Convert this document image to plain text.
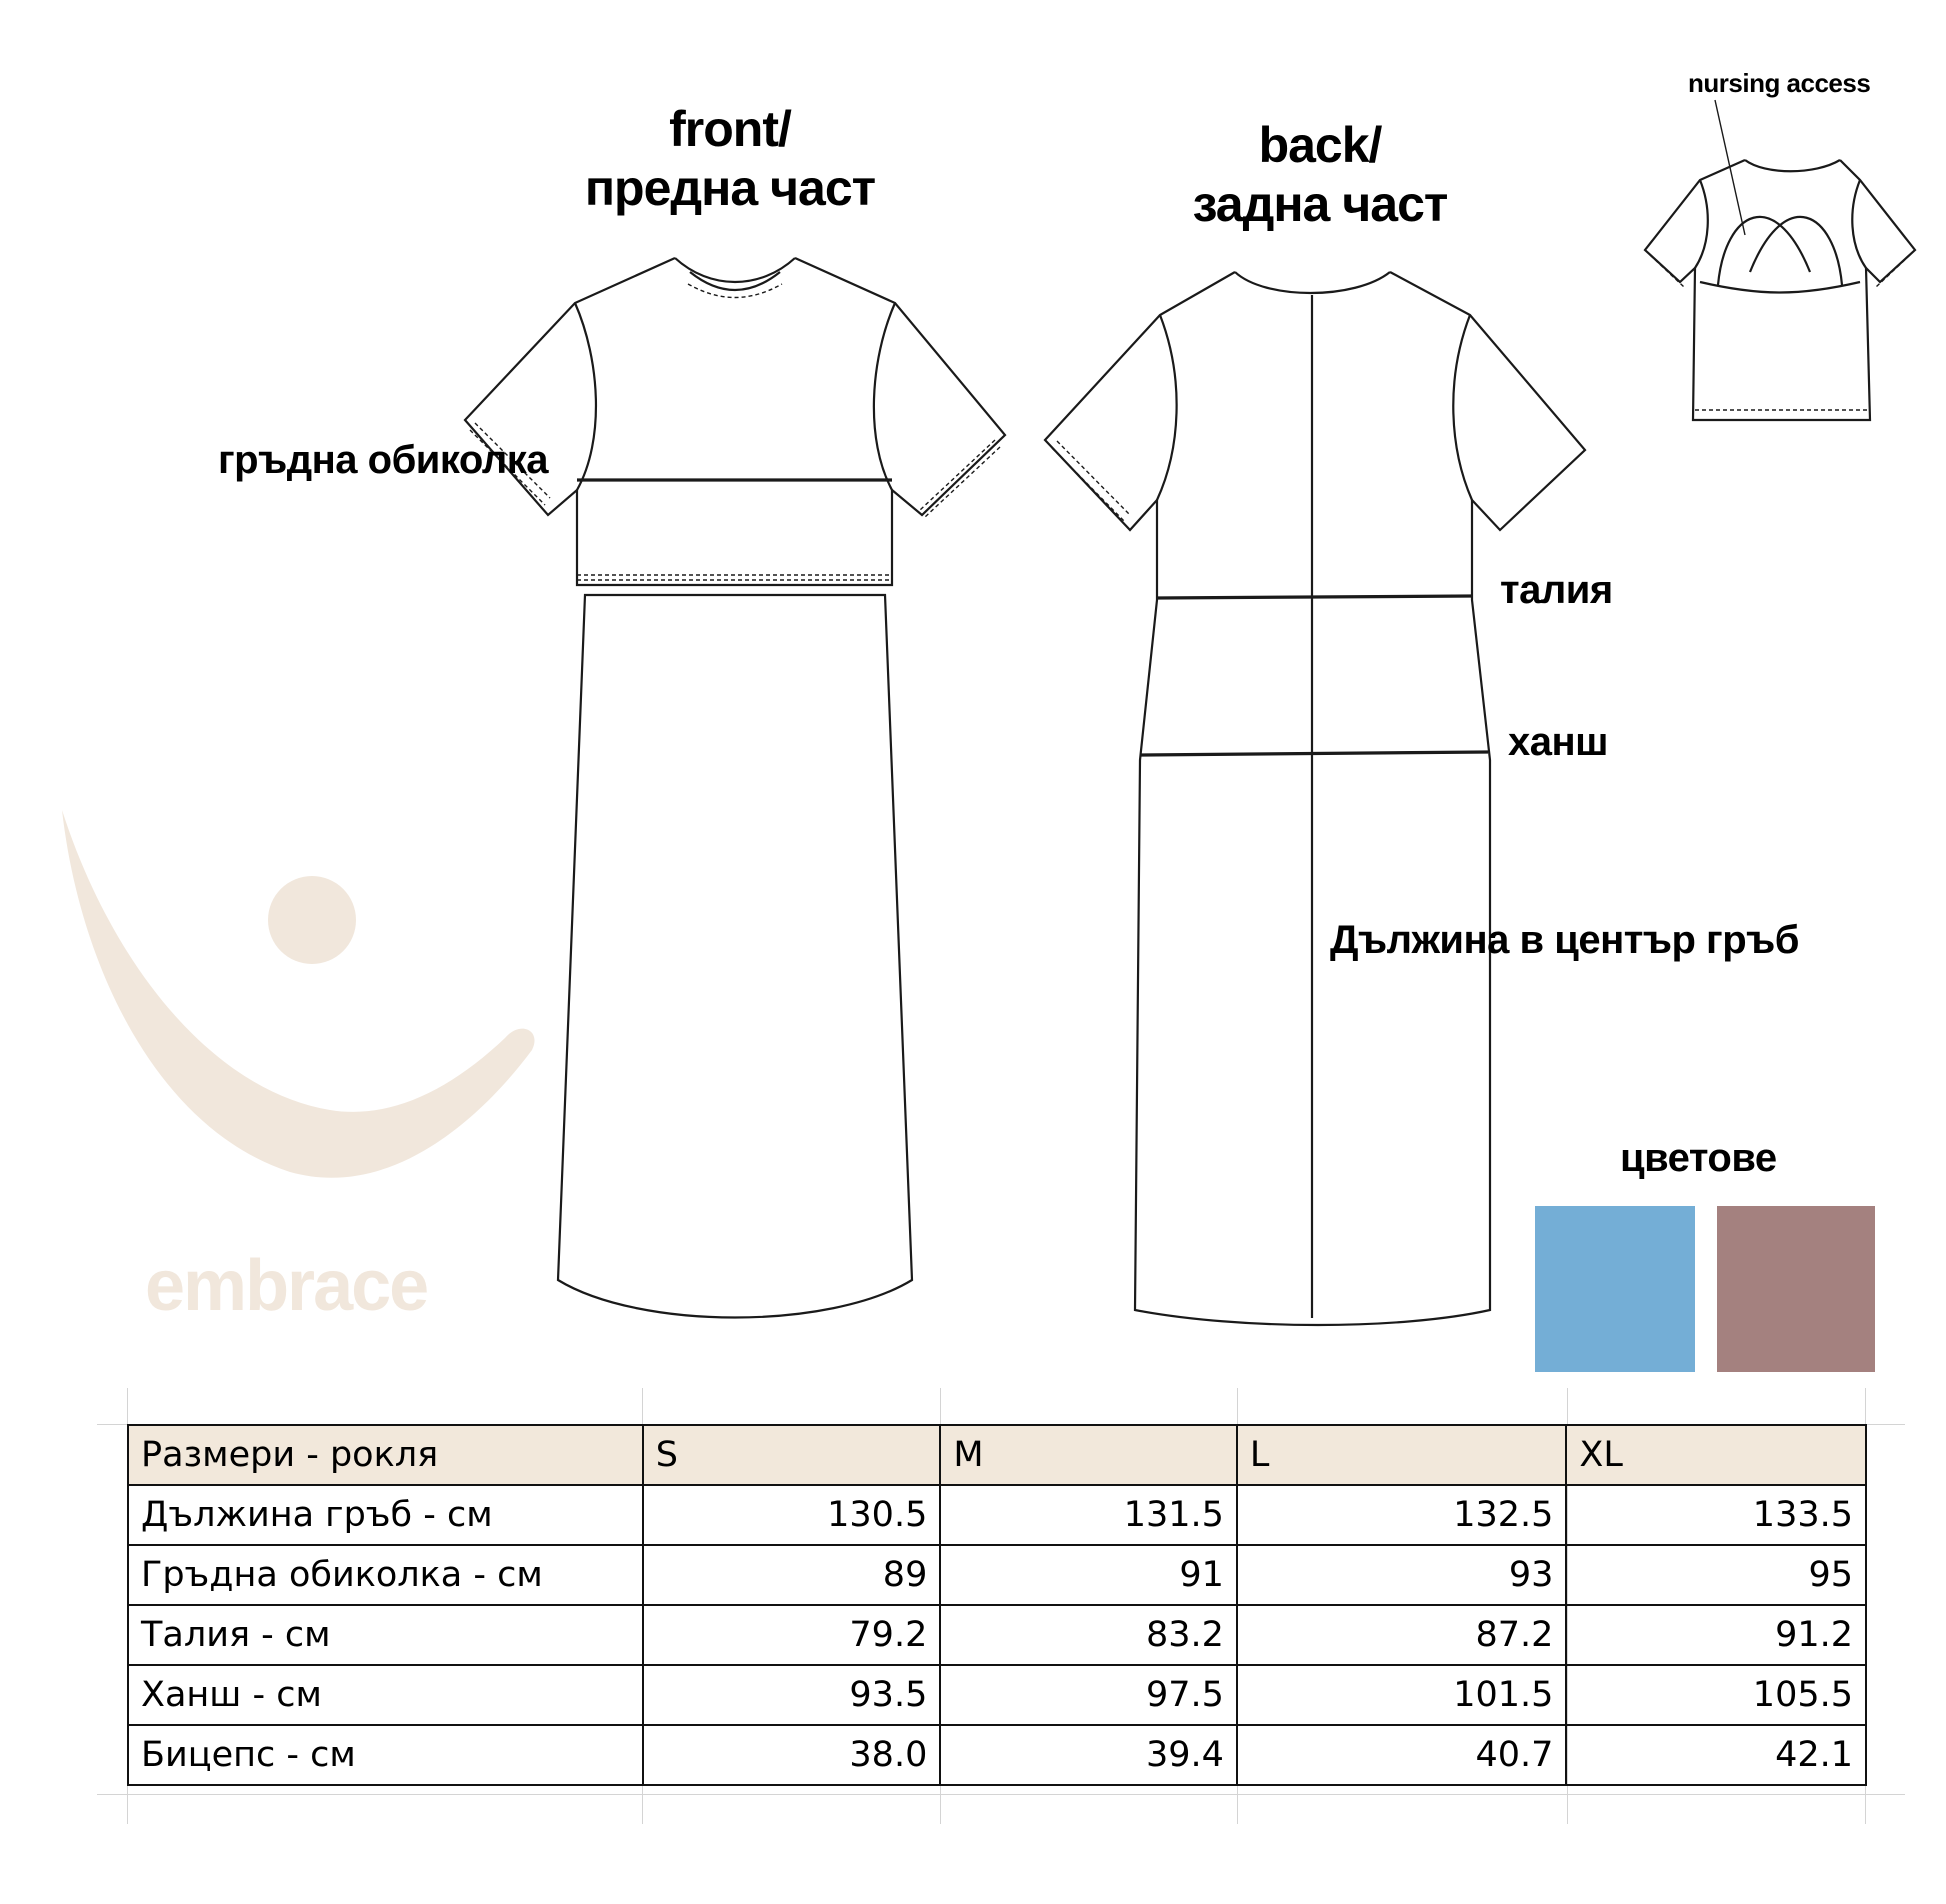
embrace
front/
предна част
back/
задна част
nursing access
гръдна обиколка
талия
ханш
Дължина в център гръб
цветове
Размери - рокля	S	M	L	XL
Дължина гръб - см	130.5	131.5	132.5	133.5
Гръдна обиколка - см	89	91	93	95
Талия - см	79.2	83.2	87.2	91.2
Ханш - см	93.5	97.5	101.5	105.5
Бицепс - см	38.0	39.4	40.7	42.1
